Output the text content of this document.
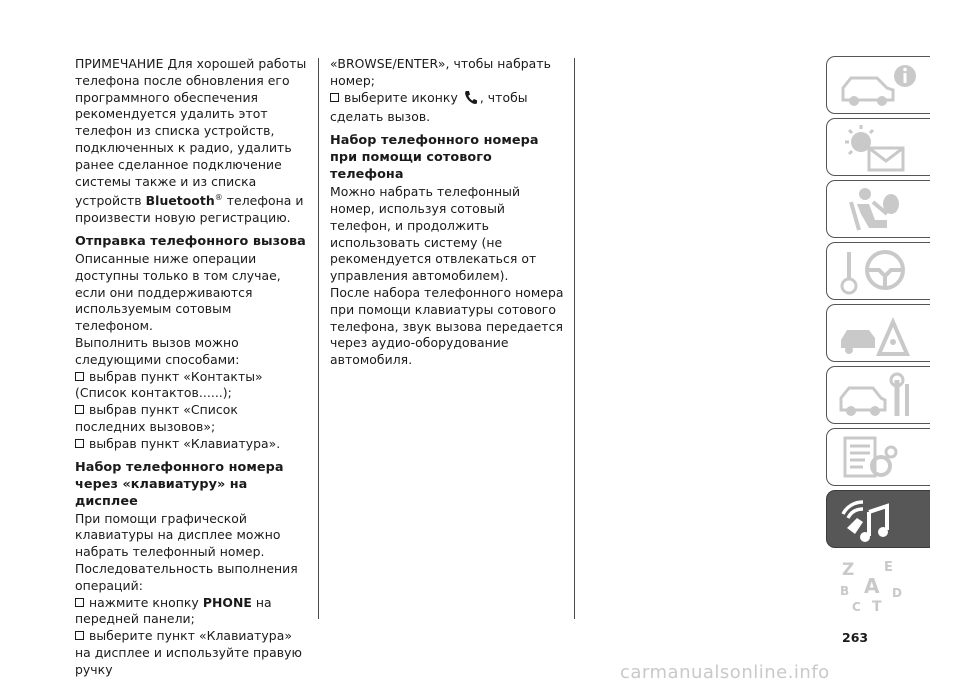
ПРИМЕЧАНИЕ Для хорошей работы телефона после обновления его программного обеспечения рекомендуется удалить этот телефон из списка устройств, подключенных к радио, удалить ранее сделанное подключение системы также и из списка устройств Bluetooth® телефона и произвести новую регистрацию.

Отправка телефонного вызова

Описанные ниже операции доступны только в том случае, если они поддерживаются используемым сотовым телефоном.

Выполнить вызов можно следующими способами:

выбрав пункт «Контакты» (Список контактов......);

выбрав пункт «Список последних вызовов»;

выбрав пункт «Клавиатура».

Набор телефонного номера через «клавиатуру» на дисплее

При помощи графической клавиатуры на дисплее можно набрать телефонный номер.

Последовательность выполнения операций:

нажмите кнопку PHONE на передней панели;

выберите пункт «Клавиатура» на дисплее и используйте правую ручку

«BROWSE/ENTER», чтобы набрать номер;

выберите иконку , чтобы сделать вызов.

Набор телефонного номера при помощи сотового телефона

Можно набрать телефонный номер, используя сотовый телефон, и продолжить использовать систему (не рекомендуется отвлекаться от управления автомобилем).

После набора телефонного номера при помощи клавиатуры сотового телефона, звук вызова передается через аудио-оборудование автомобиля.

Z E
B A D
C T
263
carmanualsonline.info
